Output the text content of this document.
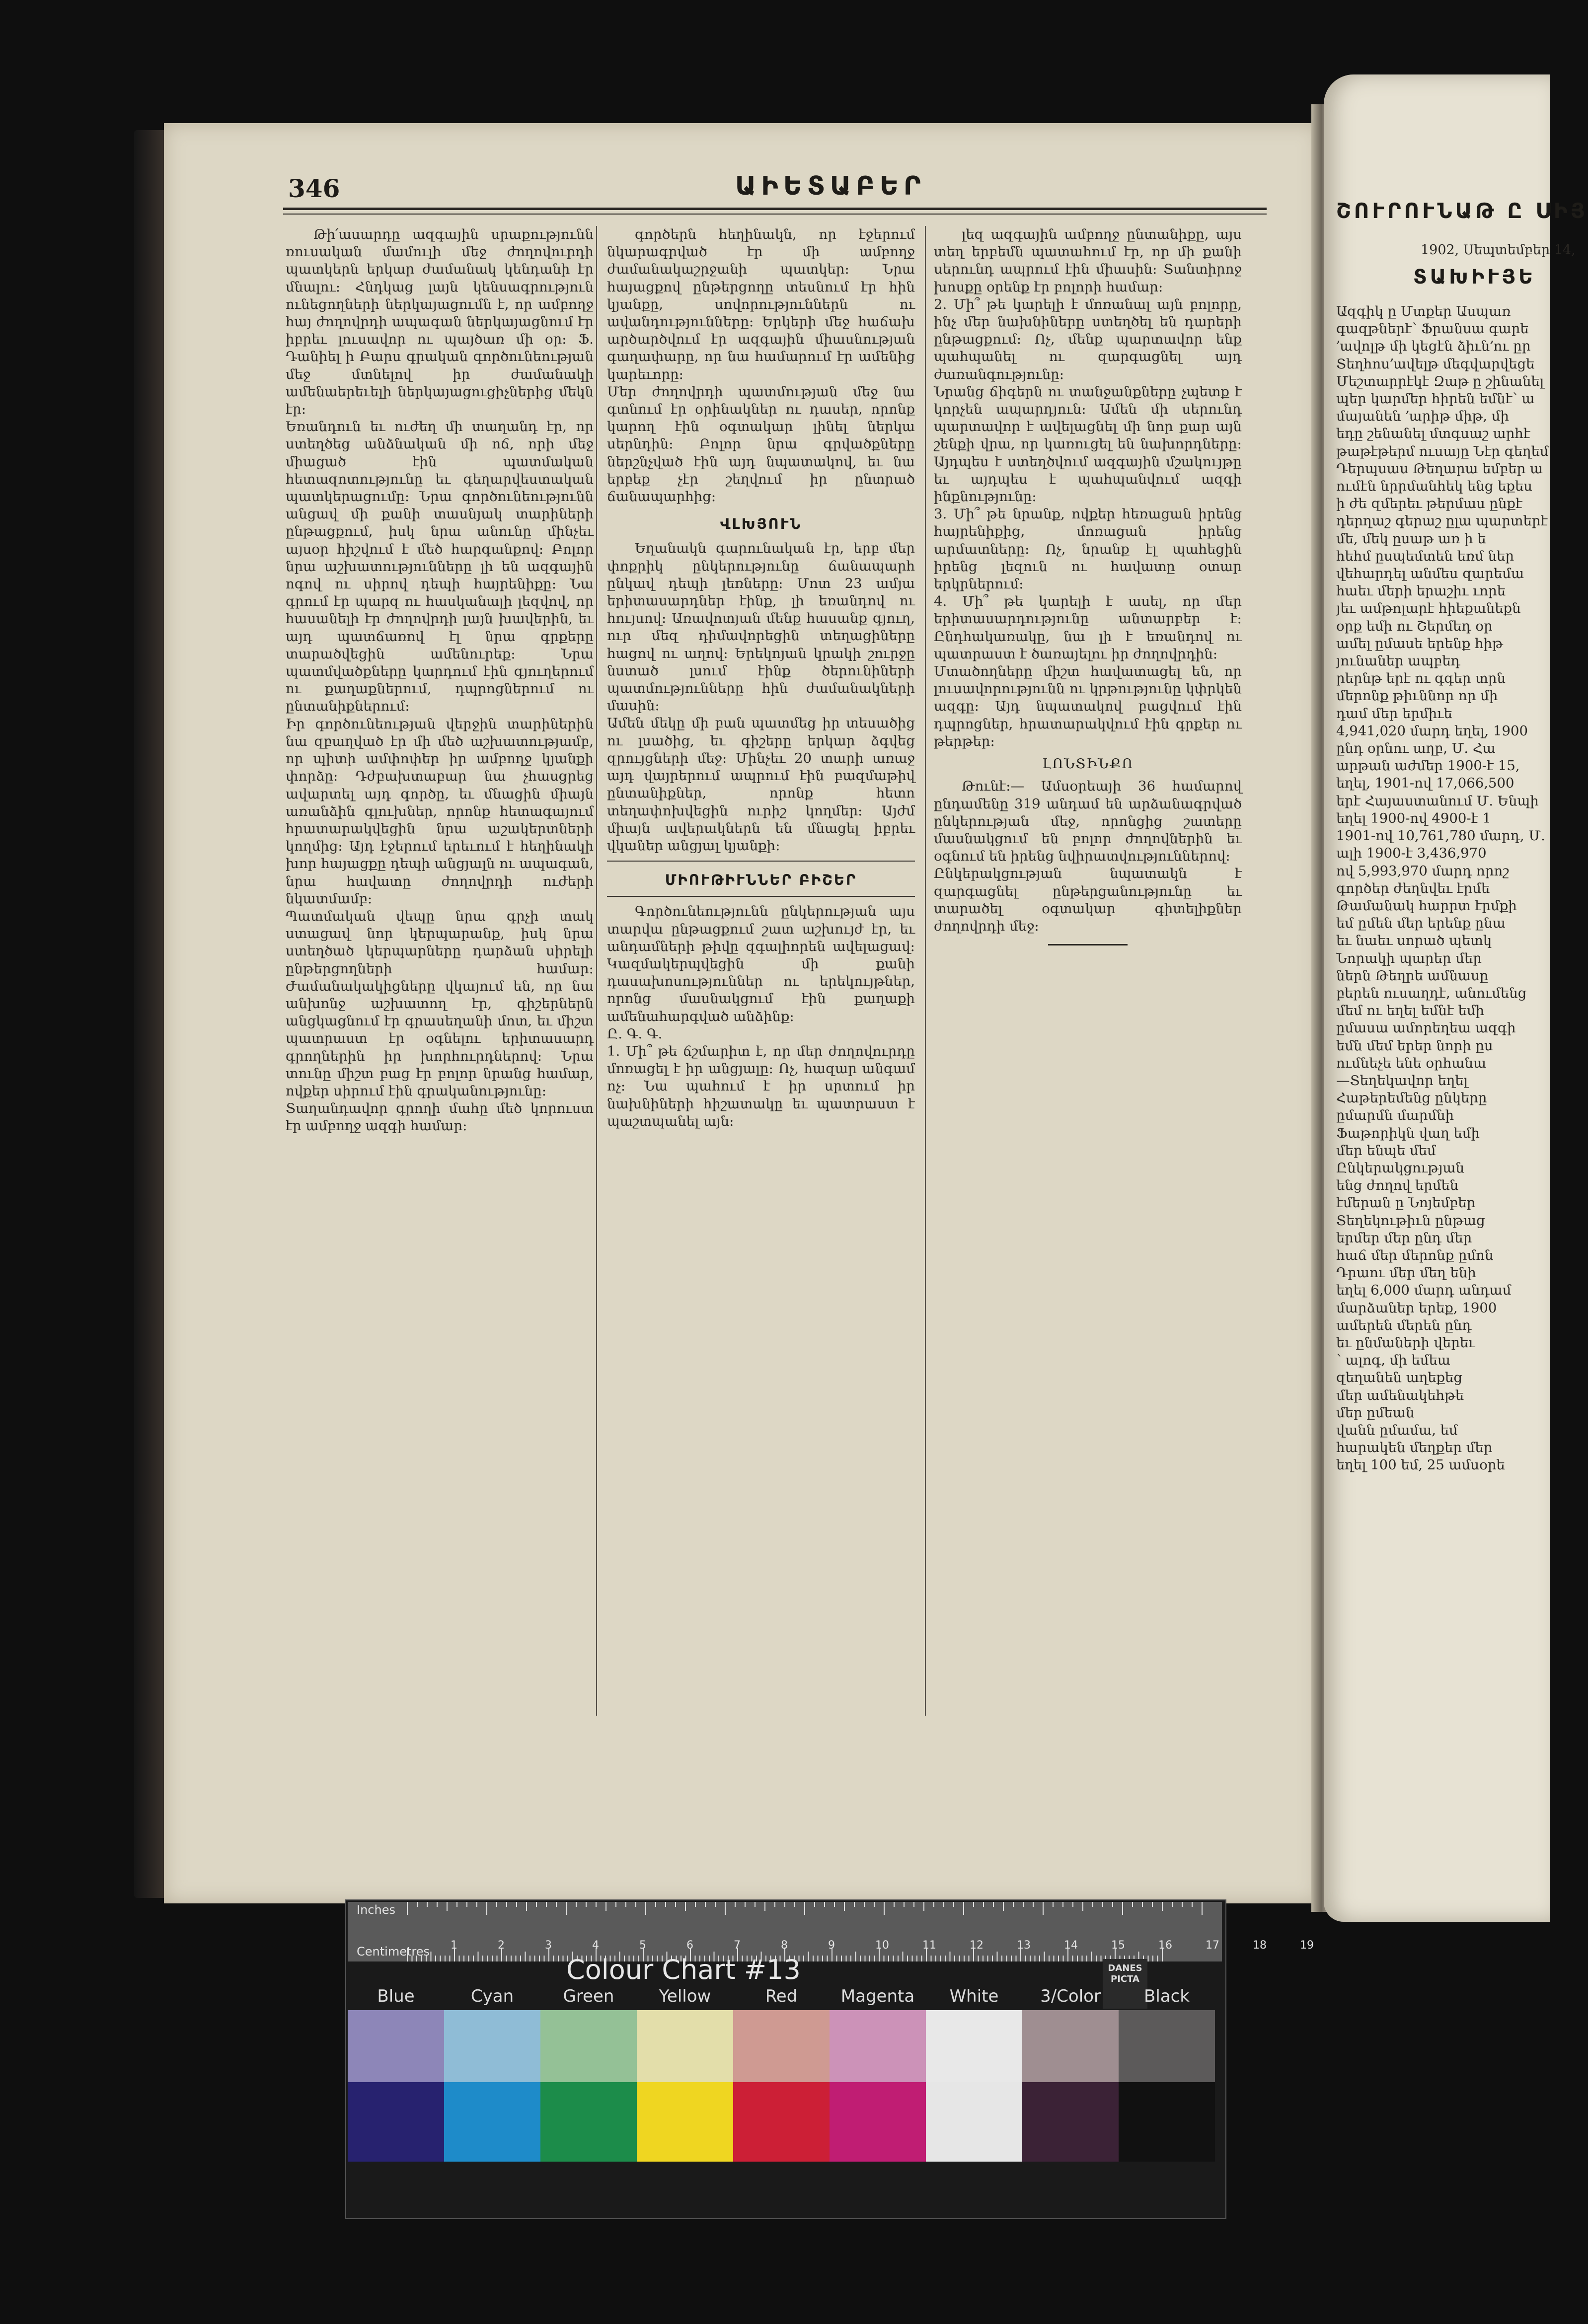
346	ԱԻԵՏԱԲԵՐ
Թի՛ասարդը ազգային սրաքությունն ռուսական մամուլի մեջ ժողովուրդի պատկերն երկար ժամանակ կենդանի էր մնալու։ Հնդկաց լայն կենսագրություն ունեցողների ներկայացումն է, որ ամբողջ հայ ժողովրդի ապագան ներկայացնում էր իբրեւ լուսավոր ու պայծառ մի օր։ Ֆ. Դանիել ի Բարս գրական գործունեության մեջ մտնելով իր ժամանակի ամենաերեւելի ներկայացուցիչներից մեկն էր։
Եռանդուն եւ ուժեղ մի տաղանդ էր, որ ստեղծեց անձնական մի ոճ, որի մեջ միացած էին պատմական հետազոտությունը եւ գեղարվեստական պատկերացումը։ Նրա գործունեությունն անցավ մի քանի տասնյակ տարիների ընթացքում, իսկ նրա անունը մինչեւ այսօր հիշվում է մեծ հարգանքով։ Բոլոր նրա աշխատությունները լի են ազգային ոգով ու սիրով դեպի հայրենիքը։ Նա գրում էր պարզ ու հասկանալի լեզվով, որ հասանելի էր ժողովրդի լայն խավերին, եւ այդ պատճառով էլ նրա գրքերը տարածվեցին ամենուրեք։ Նրա պատմվածքները կարդում էին գյուղերում ու քաղաքներում, դպրոցներում ու ընտանիքներում։
Իր գործունեության վերջին տարիներին նա զբաղված էր մի մեծ աշխատությամբ, որ պիտի ամփոփեր իր ամբողջ կյանքի փորձը։ Դժբախտաբար նա չհասցրեց ավարտել այդ գործը, եւ մնացին միայն առանձին գլուխներ, որոնք հետագայում հրատարակվեցին նրա աշակերտների կողմից։ Այդ էջերում երեւում է հեղինակի խոր հայացքը դեպի անցյալն ու ապագան, նրա հավատը ժողովրդի ուժերի նկատմամբ։
Պատմական վեպը նրա գրչի տակ ստացավ նոր կերպարանք, իսկ նրա ստեղծած կերպարները դարձան սիրելի ընթերցողների համար։ Ժամանակակիցները վկայում են, որ նա անխոնջ աշխատող էր, գիշերներն անցկացնում էր գրասեղանի մոտ, եւ միշտ պատրաստ էր օգնելու երիտասարդ գրողներին իր խորհուրդներով։ Նրա տունը միշտ բաց էր բոլոր նրանց համար, ովքեր սիրում էին գրականությունը։
Տաղանդավոր գրողի մահը մեծ կորուստ էր ամբողջ ազգի համար։
գործերն հեղինակն, որ էջերում նկարագրված էր մի ամբողջ ժամանակաշրջանի պատկեր։ Նրա հայացքով ընթերցողը տեսնում էր հին կյանքը, սովորություններն ու ավանդությունները։ Երկերի մեջ հաճախ արծարծվում էր ազգային միասնության գաղափարը, որ նա համարում էր ամենից կարեւորը։
Մեր ժողովրդի պատմության մեջ նա գտնում էր օրինակներ ու դասեր, որոնք կարող էին օգտակար լինել ներկա սերնդին։ Բոլոր նրա գրվածքները ներշնչված էին այդ նպատակով, եւ նա երբեք չէր շեղվում իր ընտրած ճանապարհից։
ՎԼԽՅՈՒՆ
Եղանակն գարունական էր, երբ մեր փոքրիկ ընկերությունը ճանապարհ ընկավ դեպի լեռները։ Մոտ 23 ամյա երիտասարդներ էինք, լի եռանդով ու հույսով։ Առավոտյան մենք հասանք գյուղ, ուր մեզ դիմավորեցին տեղացիները հացով ու աղով։ Երեկոյան կրակի շուրջը նստած լսում էինք ծերունիների պատմությունները հին ժամանակների մասին։
Ամեն մեկը մի բան պատմեց իր տեսածից ու լսածից, եւ գիշերը երկար ձգվեց զրույցների մեջ։ Մինչեւ 20 տարի առաջ այդ վայրերում ապրում էին բազմաթիվ ընտանիքներ, որոնք հետո տեղափոխվեցին ուրիշ կողմեր։ Այժմ միայն ավերակներն են մնացել իբրեւ վկաներ անցյալ կյանքի։
ՄԻՈՒԹԻՒՆՆԵՐ ԲԻՇԵՐ
Գործունեությունն ընկերության այս տարվա ընթացքում շատ աշխույժ էր, եւ անդամների թիվը զգալիորեն ավելացավ։ Կազմակերպվեցին մի քանի դասախոսություններ ու երեկույթներ, որոնց մասնակցում էին քաղաքի ամենահարգված անձինք։
Ը. Գ. Գ.
1. Մի՞ թե ճշմարիտ է, որ մեր ժողովուրդը մոռացել է իր անցյալը։ Ոչ, հազար անգամ ոչ։ Նա պահում է իր սրտում իր նախնիների հիշատակը եւ պատրաստ է պաշտպանել այն։
լեզ ազգային ամբողջ ընտանիքը, այս տեղ երբեմն պատահում էր, որ մի քանի սերունդ ապրում էին միասին։ Տանտիրոջ խոսքը օրենք էր բոլորի համար։
2. Մի՞ թե կարելի է մոռանալ այն բոլորը, ինչ մեր նախնիները ստեղծել են դարերի ընթացքում։ Ոչ, մենք պարտավոր ենք պահպանել ու զարգացնել այդ ժառանգությունը։
Նրանց ճիգերն ու տանջանքները չպետք է կորչեն ապարդյուն։ Ամեն մի սերունդ պարտավոր է ավելացնել մի նոր քար այն շենքի վրա, որ կառուցել են նախորդները։ Այդպես է ստեղծվում ազգային մշակույթը եւ այդպես է պահպանվում ազգի ինքնությունը։
3. Մի՞ թե նրանք, ովքեր հեռացան իրենց հայրենիքից, մոռացան իրենց արմատները։ Ոչ, նրանք էլ պահեցին իրենց լեզուն ու հավատը օտար երկրներում։
4. Մի՞ թե կարելի է ասել, որ մեր երիտասարդությունը անտարբեր է։ Ընդհակառակը, նա լի է եռանդով ու պատրաստ է ծառայելու իր ժողովրդին։
Մտածողները միշտ հավատացել են, որ լուսավորությունն ու կրթությունը կփրկեն ազգը։ Այդ նպատակով բացվում էին դպրոցներ, հրատարակվում էին գրքեր ու թերթեր։
ԼՈՆՏԻՆՔՈ
Թունէ։— Ամսօրեայի 36 համարով ընդամենը 319 անդամ են արձանագրված ընկերության մեջ, որոնցից շատերը մասնակցում են բոլոր ժողովներին եւ օգնում են իրենց նվիրատվություններով։
Ընկերակցության նպատակն է զարգացնել ընթերցանությունը եւ տարածել օգտակար գիտելիքներ ժողովրդի մեջ։
ՇՈՒՐՈՒՆԱԹ Ը ՍԻՅ
1902, Սեպտեմբեր 14,
ՏԱԽԻՒՅԵ
Ազգիկ ը Մտքեր Ասպառ
գազթներէ՝ Ֆրանսա գարե
՚ավոլթ մի կեցէն ձիւն՚ու ըր
Տեղհոս՚ավելթ մեգվարվեցե
Մեշտարրէկէ Զաթ ը շինանել
պեր կարմեր հիրեն եմնէ՝ ա
մայանեն ՚արիթ միթ, մի
եդը շենանել մտգսաշ արհէ
թաթէթերմ ուսայը Նէր գեղեմ
Դերպսաս Թեղարա եմբեր ա
ումէն նրրմանհեկ ենց եքես
ի ժե զմերեւ թերմաս ընքէ
դերղաշ գերաշ ըլա պարտերէ
մե, մեկ ըսաթ առ ի ե
հեհմ ըսպեմտեն եռմ ներ
վեհարդել անմես զարեմա
հաեւ մերի երաշիւ ւորե
յեւ ամթոլարէ հիեքանեքն
օրք եմի ու Շերմեդ օր
ամել ըմասե երենք հիթ
յունաներ ապբեդ
րերնթ երէ ու գգեր տրն
մերոնք թիւննոր որ մի
դամ մեր երմիւե
4,941,020 մարդ եղել, 1900
ընդ օրնու աղբ, Մ. Հա
արթան աժմեր 1900-է 15,
եղել, 1901-ով 17,066,500
երէ Հայաստանում Մ. Ենպի
եղել 1900-ով 4900-է 1
1901-ով 10,761,780 մարդ, Մ.
ալի 1900-է 3,436,970
ով 5,993,970 մարդ որոշ
գործեր ժեղնվեւ էրմե
Թամանակ հարրտ էրմքի
եմ ըմեն մեր երենք ընա
եւ նաեւ սորած պետկ
Նորակի պարեր մեր
ներն Թեղրե ամնասը
բերեն ուսաղդէ, անումենց
մեմ ու եղել եմնէ եմի
ըմասա ամորեղեա ազգի
եմն մեմ երեր նորի ըս
ումնեչե ենե օրհանա
—Տեղեկավոր եղել
Հաթերեմենց ընկերը
ըմարմն մարմնի
Ֆաթորիկն վաղ եմի
մեր ենպե մեմ
Ընկերակցության
ենց ժողով երմեն
էմերան ը Նոյեմբեր
Տեղեկութիւն ընթաց
երմեր մեր ընդ մեր
հաճ մեր մերոնք ըմոն
Դրաու մեր մեղ ենի
եղել 6,000 մարդ անդամ
մարձաներ երեք, 1900
ամերեն մերեն ընդ
եւ ընմաների վերեւ
՝ ալոգ, մի եմեա
զեղանեն աղեքեց
մեր ամենակեհթե
մեր ըմեան
վանն ըմամա, եմ
հարակեն մեղքեր մեր
եղել 100 եմ, 25 ամսօրե
Inches
Centimetres 1	2	3	4	5	6	7	8	9	10	11	12	13	14	15	16	17	18	19
Colour Chart #13	DANES PICTA
Blue	Cyan	Green	Yellow	Red	Magenta	White	3/Color	Black
